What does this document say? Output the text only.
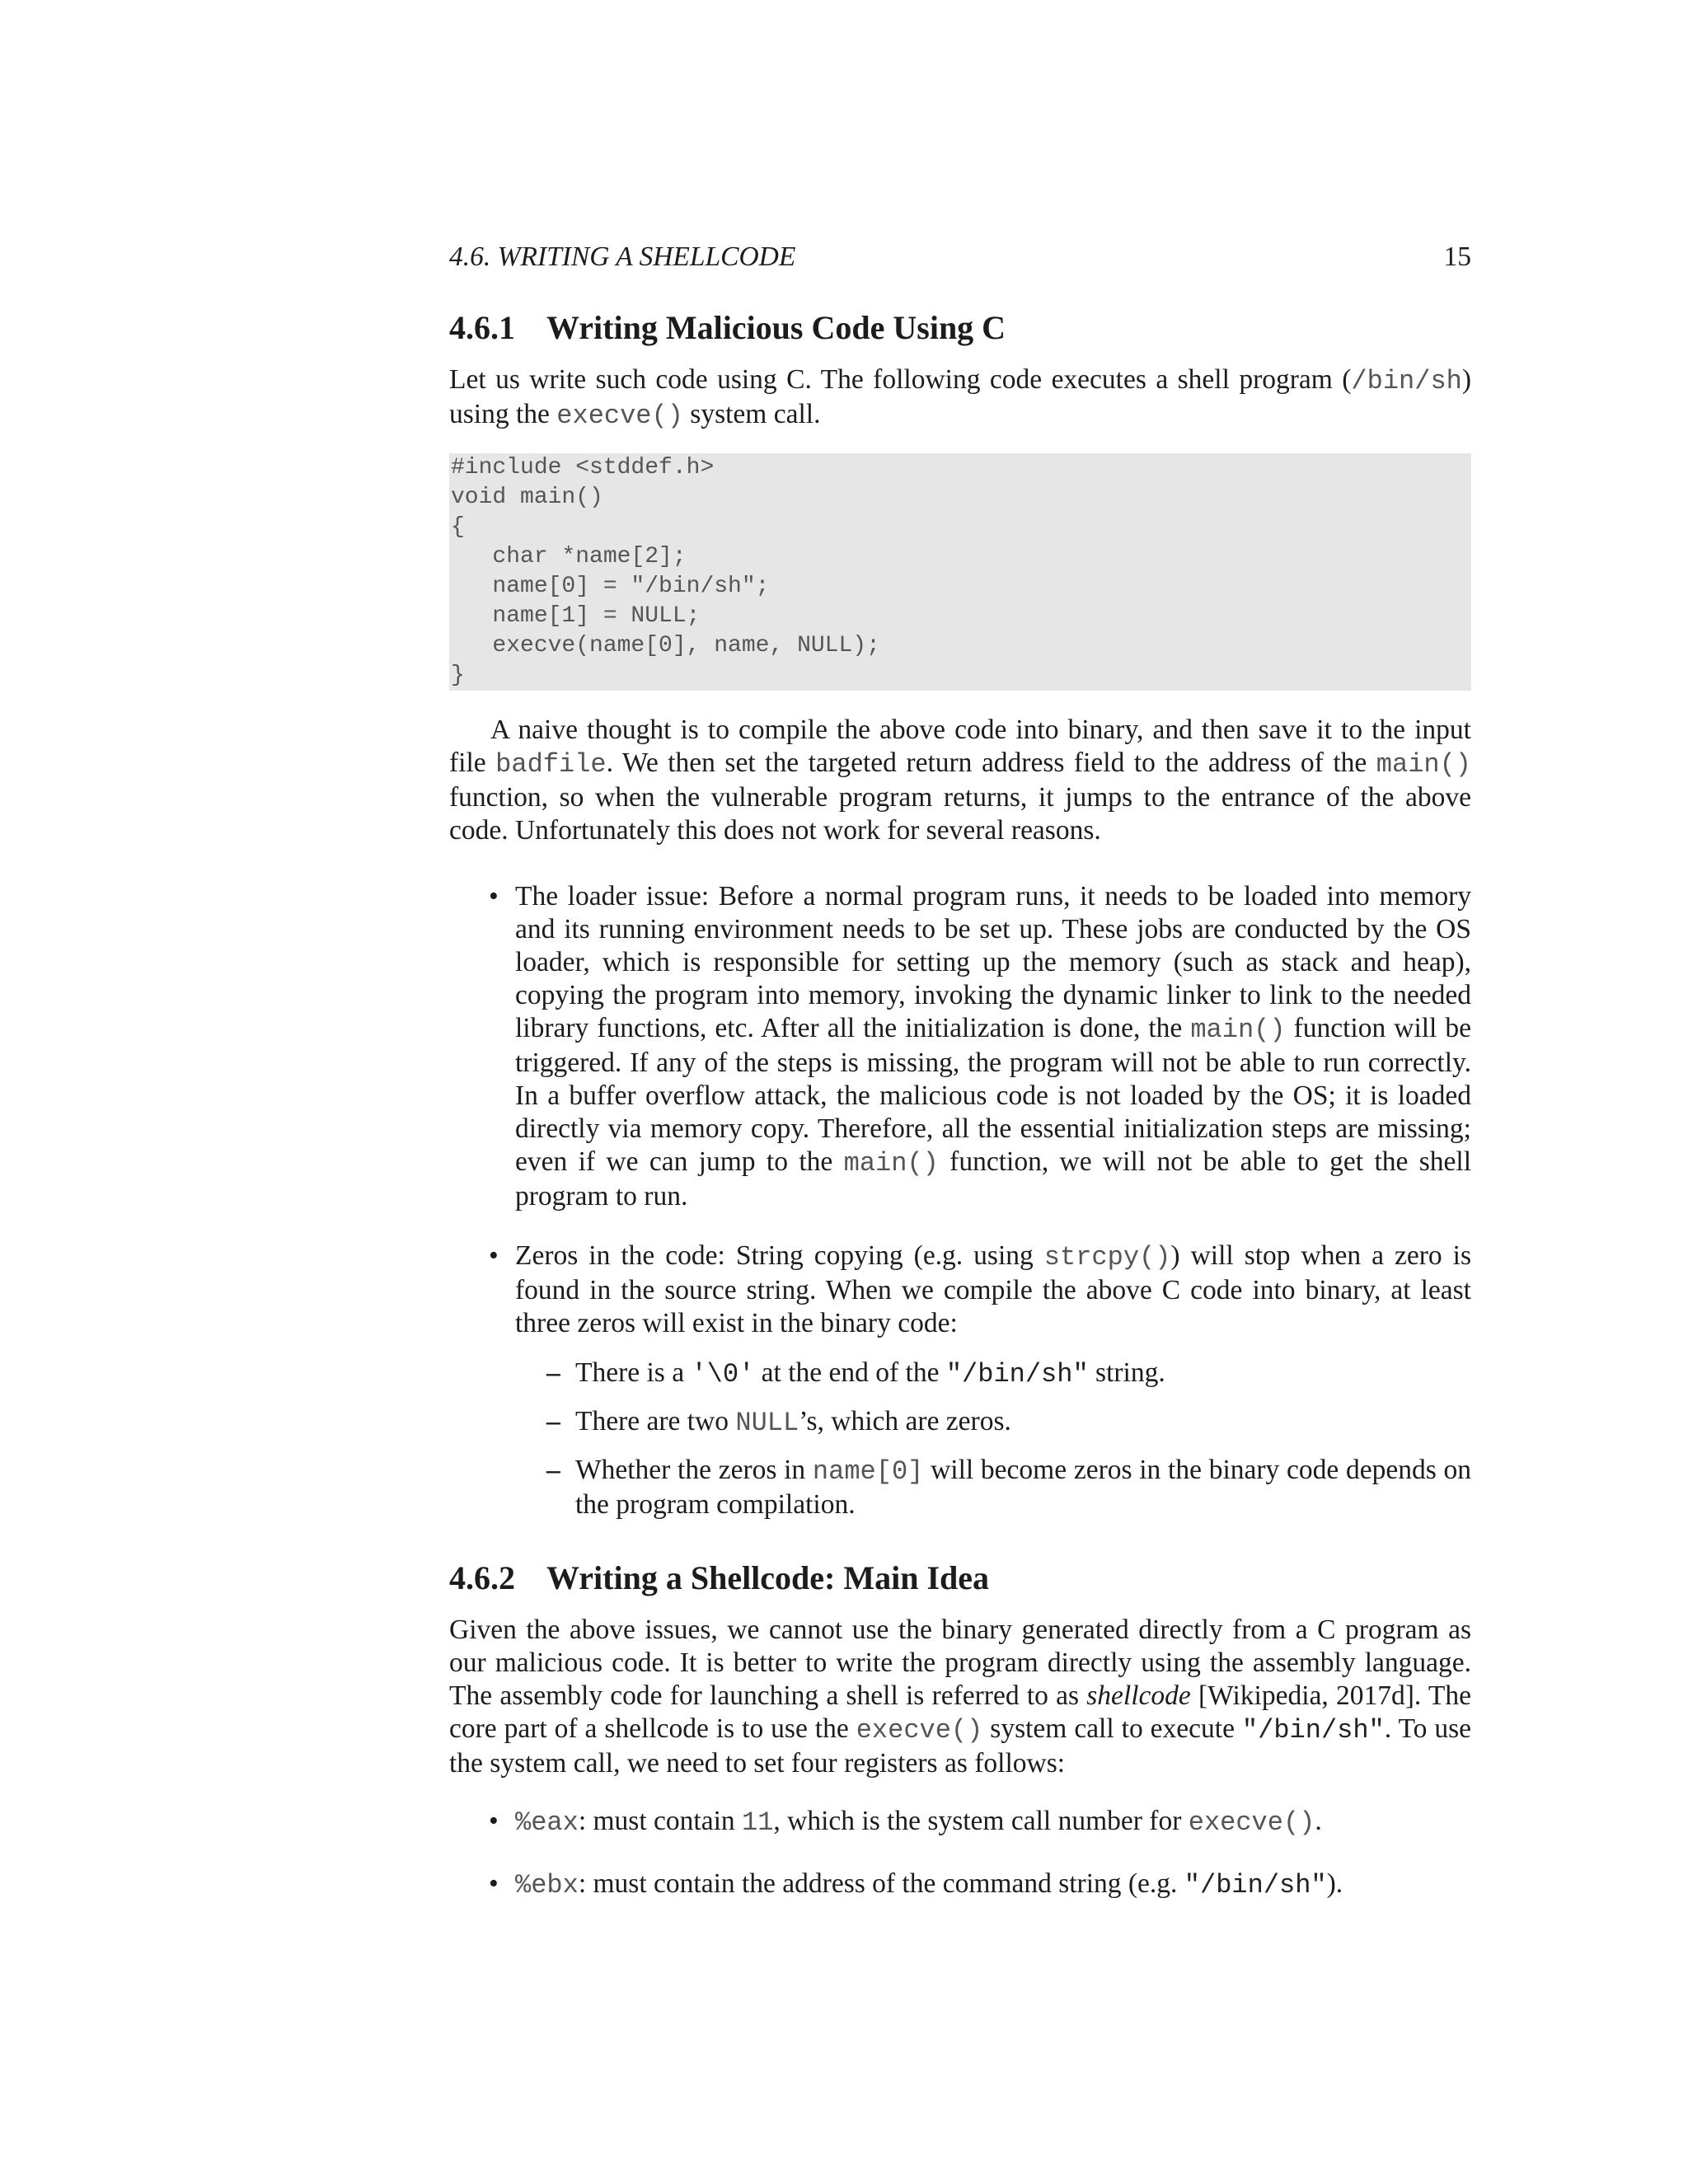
4.6. WRITING A SHELLCODE	15
4.6.1 Writing Malicious Code Using C

Let us write such code using C. The following code executes a shell program (/bin/sh) using the execve() system call.

#include <stddef.h>
void main()
{
char *name[2];
name[0] = "/bin/sh";
name[1] = NULL;
execve(name[0], name, NULL);
}

A naive thought is to compile the above code into binary, and then save it to the input file badfile. We then set the targeted return address field to the address of the main() function, so when the vulnerable program returns, it jumps to the entrance of the above code. Unfortunately this does not work for several reasons.

• The loader issue: Before a normal program runs, it needs to be loaded into memory and its running environment needs to be set up. These jobs are conducted by the OS loader, which is responsible for setting up the memory (such as stack and heap), copying the program into memory, invoking the dynamic linker to link to the needed library functions, etc. After all the initialization is done, the main() function will be triggered. If any of the steps is missing, the program will not be able to run correctly. In a buffer overflow attack, the malicious code is not loaded by the OS; it is loaded directly via memory copy. Therefore, all the essential initialization steps are missing; even if we can jump to the main() function, we will not be able to get the shell program to run.
• Zeros in the code: String copying (e.g. using strcpy()) will stop when a zero is found in the source string. When we compile the above C code into binary, at least three zeros will exist in the binary code:
– There is a '\0' at the end of the "/bin/sh" string.
– There are two NULL’s, which are zeros.
– Whether the zeros in name[0] will become zeros in the binary code depends on the program compilation.
4.6.2 Writing a Shellcode: Main Idea

Given the above issues, we cannot use the binary generated directly from a C program as our malicious code. It is better to write the program directly using the assembly language. The assembly code for launching a shell is referred to as shellcode [Wikipedia, 2017d]. The core part of a shellcode is to use the execve() system call to execute "/bin/sh". To use the system call, we need to set four registers as follows:

• %eax: must contain 11, which is the system call number for execve().
• %ebx: must contain the address of the command string (e.g. "/bin/sh").
